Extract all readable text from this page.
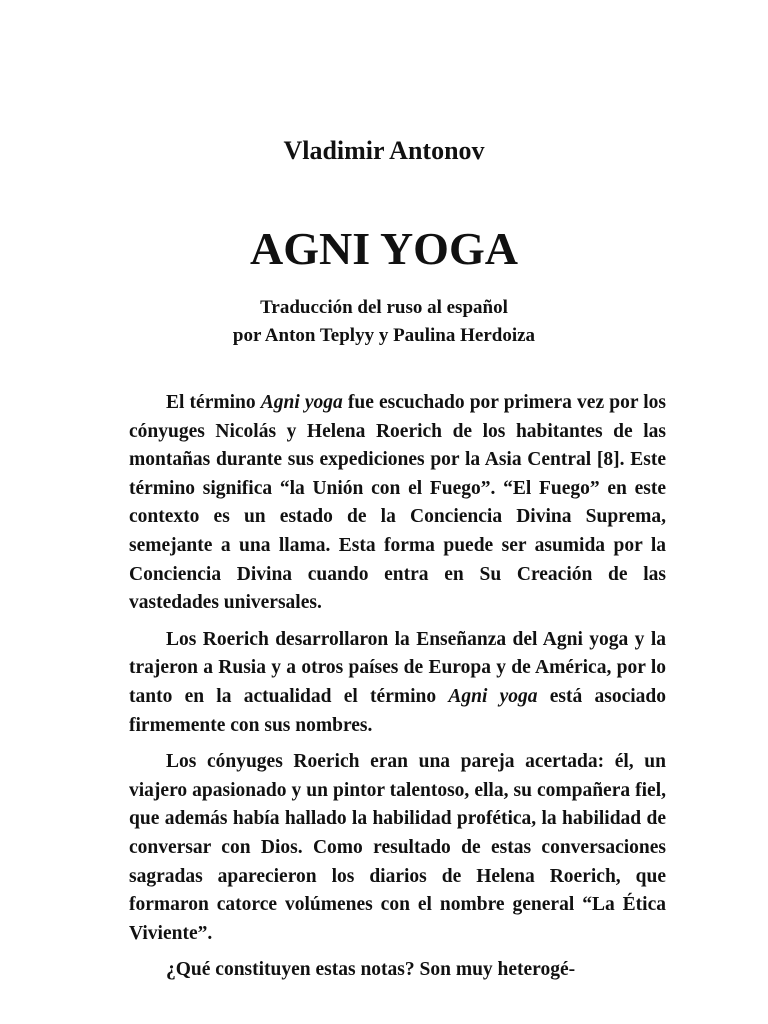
Vladimir Antonov
AGNI YOGA
Traducción del ruso al español
por Anton Teplyy y Paulina Herdoiza

El término Agni yoga fue escuchado por primera vez por los cónyuges Nicolás y Helena Roerich de los habitantes de las montañas durante sus expediciones por la Asia Central [8]. Este término significa “la Unión con el Fuego”. “El Fuego” en este contexto es un estado de la Conciencia Divina Suprema, semejante a una llama. Esta forma puede ser asumida por la Conciencia Divina cuando entra en Su Creación de las vastedades universales.

Los Roerich desarrollaron la Enseñanza del Agni yoga y la trajeron a Rusia y a otros países de Europa y de América, por lo tanto en la actualidad el término Agni yoga está asociado firmemente con sus nombres.

Los cónyuges Roerich eran una pareja acertada: él, un viajero apasionado y un pintor talentoso, ella, su compañera fiel, que además había hallado la habilidad profética, la habilidad de conversar con Dios. Como resultado de estas conversaciones sagradas aparecieron los diarios de Helena Roerich, que formaron catorce volúmenes con el nombre general “La Ética Viviente”.

¿Qué constituyen estas notas? Son muy heterogé-
